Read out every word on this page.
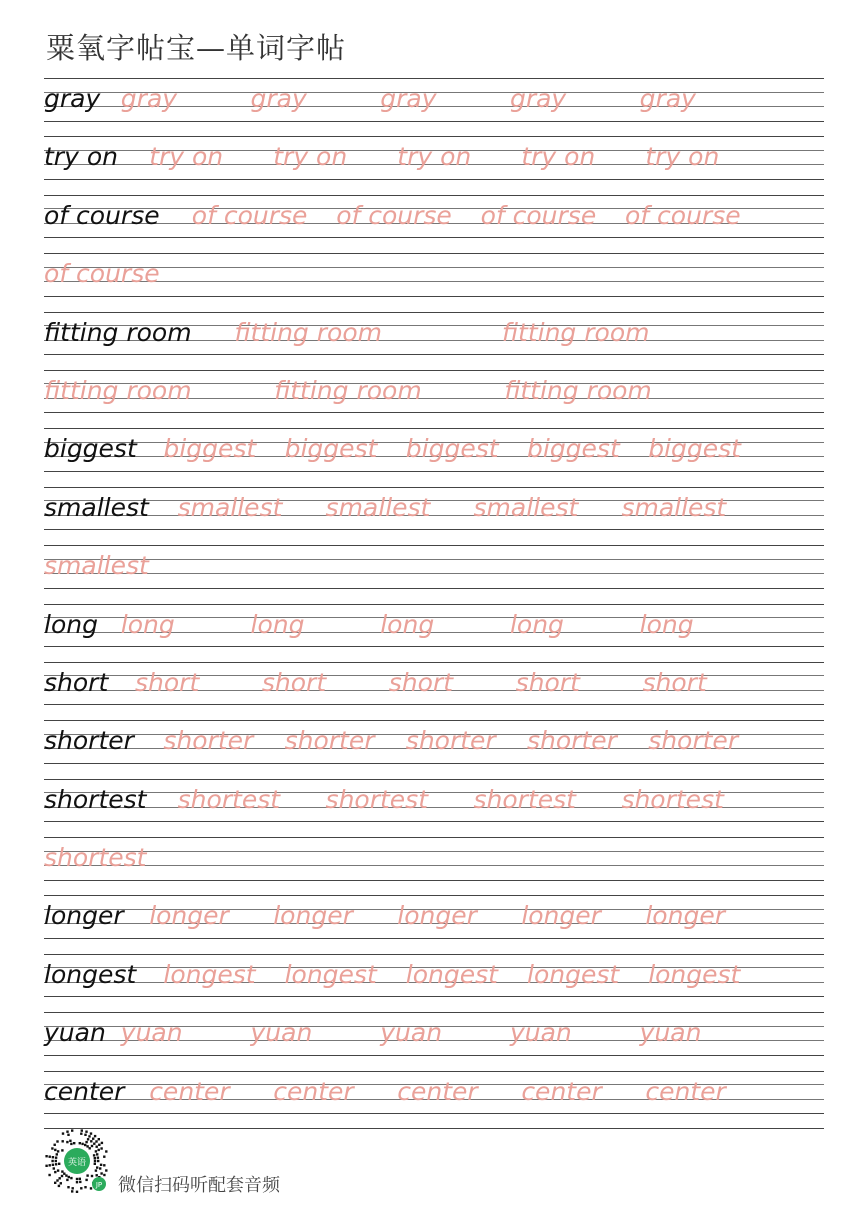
粟氧字帖宝—单词字帖
gray gray	gray	gray	gray	gray
try on try on try on try on try on try on
of course of course of course of course of course
of course
fitting room fitting room	fitting room
fitting room	fitting room	fitting room
biggest biggest biggest biggest biggest biggest
smallest smallest smallest smallest smallest
smallest
long long	long	long	long	long
short short	short	short	short	short
shorter shorter shorter shorter shorter shorter
shortest shortest shortest shortest shortest
shortest
longer longer longer longer longer longer
longest longest longest longest longest longest
yuan yuan	yuan	yuan	yuan	yuan
center center center center center center
英语
JP 微信扫码听配套音频
